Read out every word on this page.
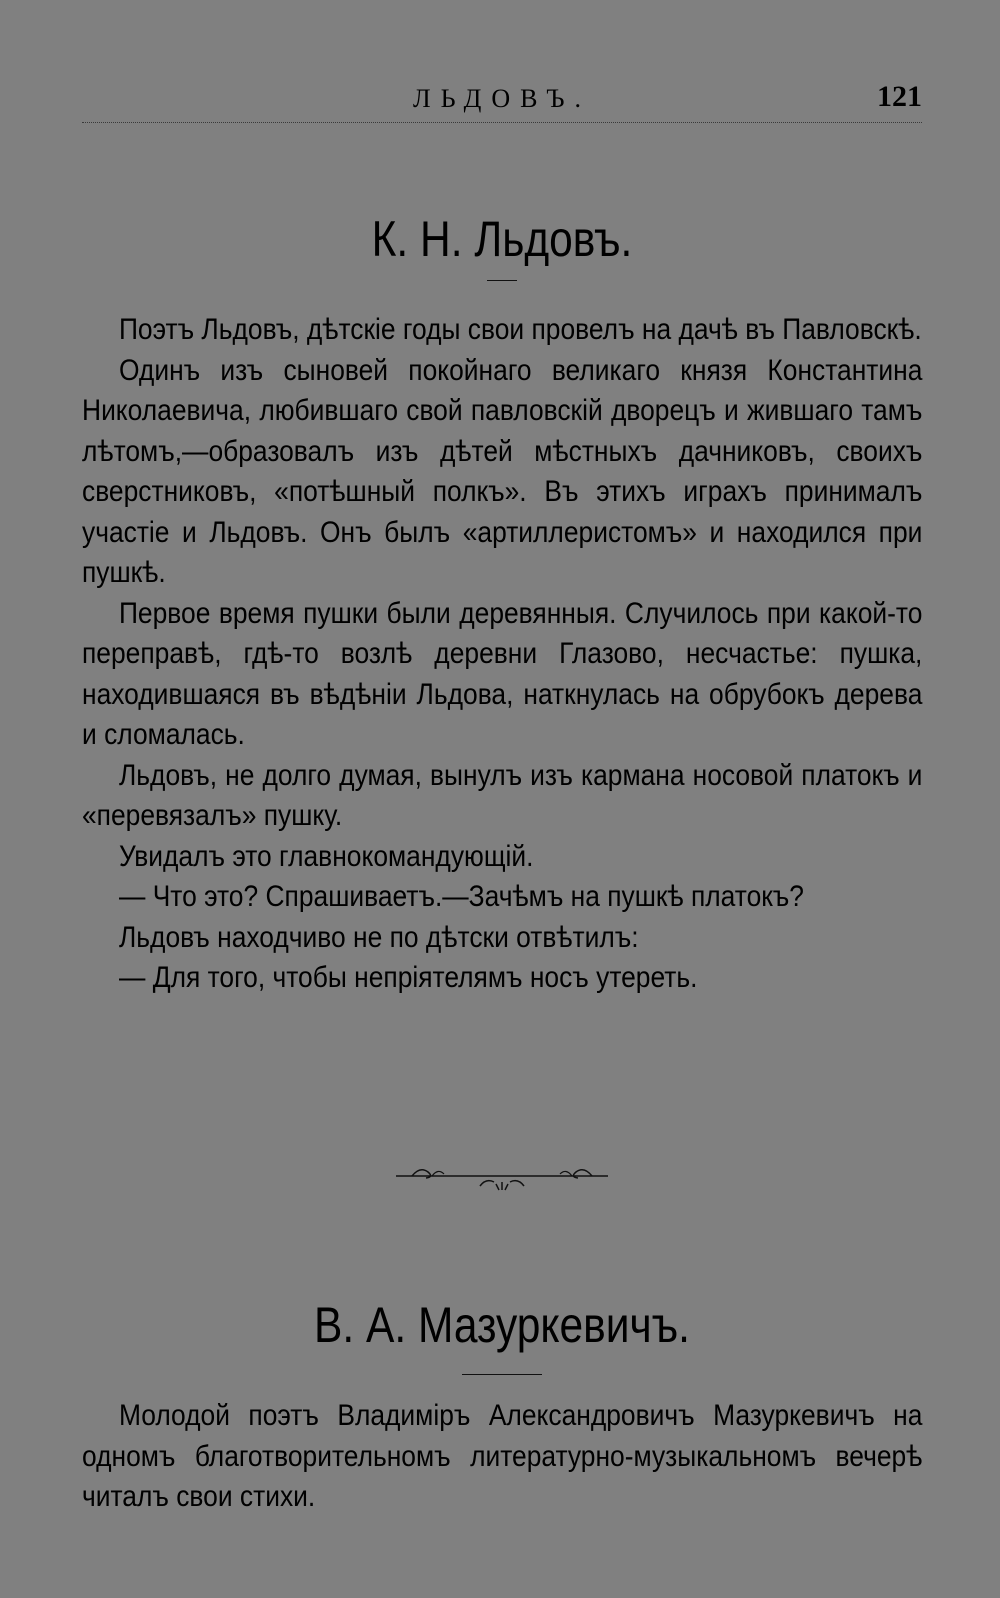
ЛЬДОВЪ.	121
К. Н. Льдовъ.

Поэтъ Льдовъ, дѣтскіе годы свои провелъ на дачѣ въ Павловскѣ.

Одинъ изъ сыновей покойнаго великаго князя Константина Николаевича, любившаго свой павловскій дворецъ и жившаго тамъ лѣтомъ,—образовалъ изъ дѣтей мѣстныхъ дачниковъ, своихъ сверстниковъ, «потѣшный полкъ». Въ этихъ играхъ принималъ участіе и Льдовъ. Онъ былъ «артиллеристомъ» и находился при пушкѣ.

Первое время пушки были деревянныя. Случилось при какой-то переправѣ, гдѣ-то возлѣ деревни Глазово, несчастье: пушка, находившаяся въ вѣдѣніи Льдова, наткнулась на обрубокъ дерева и сломалась.

Льдовъ, не долго думая, вынулъ изъ кармана носовой платокъ и «перевязалъ» пушку.

Увидалъ это главнокомандующій.

— Что это? Спрашиваетъ.—Зачѣмъ на пушкѣ платокъ?

Льдовъ находчиво не по дѣтски отвѣтилъ:

— Для того, чтобы непріятелямъ носъ утереть.

В. А. Мазуркевичъ.

Молодой поэтъ Владиміръ Александровичъ Мазуркевичъ на одномъ благотворительномъ литературно-музыкальномъ вечерѣ читалъ свои стихи.
